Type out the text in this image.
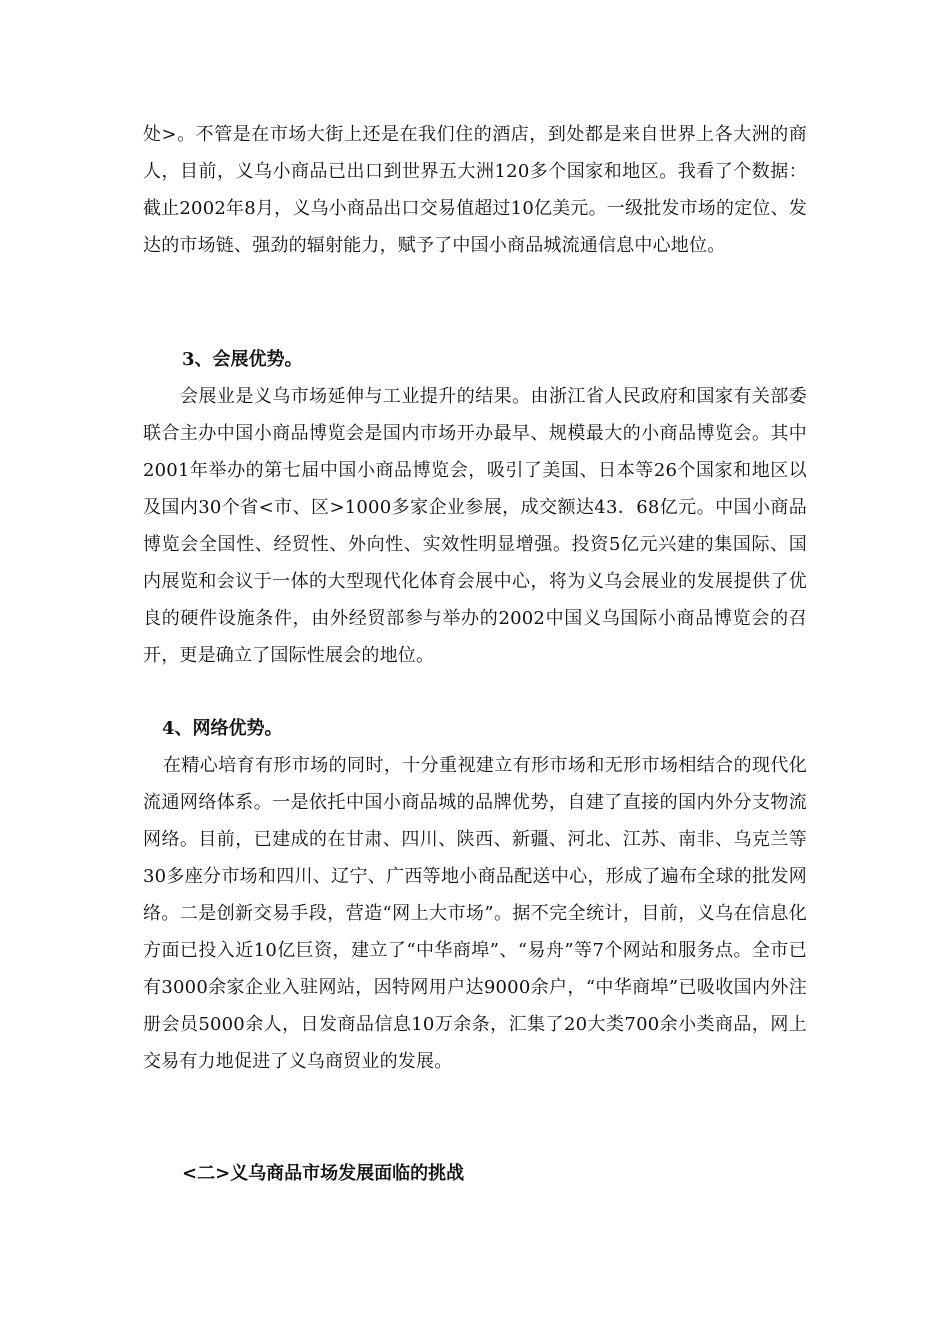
处>。不管是在市场大街上还是在我们住的酒店，到处都是来自世界上各大洲的商人，目前，义乌小商品已出口到世界五大洲120多个国家和地区。我看了个数据：截止2002年8月，义乌小商品出口交易值超过10亿美元。一级批发市场的定位、发达的市场链、强劲的辐射能力，赋予了中国小商品城流通信息中心地位。

3、会展优势。

会展业是义乌市场延伸与工业提升的结果。由浙江省人民政府和国家有关部委联合主办中国小商品博览会是国内市场开办最早、规模最大的小商品博览会。其中2001年举办的第七届中国小商品博览会，吸引了美国、日本等26个国家和地区以及国内30个省<市、区>1000多家企业参展，成交额达43．68亿元。中国小商品博览会全国性、经贸性、外向性、实效性明显增强。投资5亿元兴建的集国际、国内展览和会议于一体的大型现代化体育会展中心，将为义乌会展业的发展提供了优良的硬件设施条件，由外经贸部参与举办的2002中国义乌国际小商品博览会的召开，更是确立了国际性展会的地位。

4、网络优势。

在精心培育有形市场的同时，十分重视建立有形市场和无形市场相结合的现代化流通网络体系。一是依托中国小商品城的品牌优势，自建了直接的国内外分支物流网络。目前，已建成的在甘肃、四川、陕西、新疆、河北、江苏、南非、乌克兰等30多座分市场和四川、辽宁、广西等地小商品配送中心，形成了遍布全球的批发网络。二是创新交易手段，营造“网上大市场”。据不完全统计，目前，义乌在信息化方面已投入近10亿巨资，建立了“中华商埠”、“易舟”等7个网站和服务点。全市已有3000余家企业入驻网站，因特网用户达9000余户，“中华商埠”已吸收国内外注册会员5000余人，日发商品信息10万余条，汇集了20大类700余小类商品，网上交易有力地促进了义乌商贸业的发展。

<二>义乌商品市场发展面临的挑战
